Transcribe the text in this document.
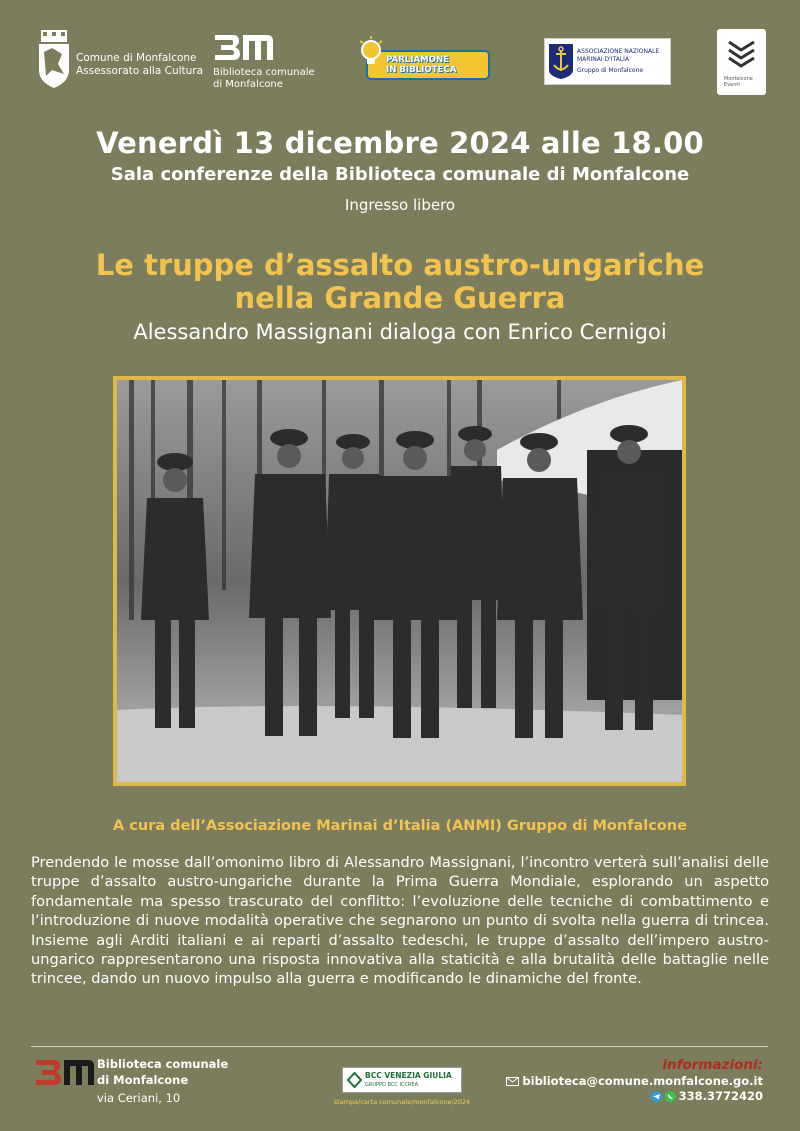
Comune di Monfalcone
Assessorato alla Cultura Biblioteca comunale
di Monfalcone
PARLIAMONE
IN BIBLIOTECA
ASSOCIAZIONE NAZIONALE
MARINAI D'ITALIA
Gruppo di Monfalcone
Monfalcone Eventi
Venerdì 13 dicembre 2024 alle 18.00
Sala conferenze della Biblioteca comunale di Monfalcone
Ingresso libero
Le truppe d’assalto austro-ungariche
nella Grande Guerra
Alessandro Massignani dialoga con Enrico Cernigoi
A cura dell’Associazione Marinai d’Italia (ANMI) Gruppo di Monfalcone
Prendendo le mosse dall’omonimo libro di Alessandro Massignani, l’incontro verterà sull’analisi delle truppe d’assalto austro-ungariche durante la Prima Guerra Mondiale, esplorando un aspetto fondamentale ma spesso trascurato del conflitto: l’evoluzione delle tecniche di combattimento e l’introduzione di nuove modalità operative che segnarono un punto di svolta nella guerra di trincea. Insieme agli Arditi italiani e ai reparti d’assalto tedeschi, le truppe d’assalto dell’impero austro-ungarico rappresentarono una risposta innovativa alla staticità e alla brutalità delle battaglie nelle trincee, dando un nuovo impulso alla guerra e modificando le dinamiche del fronte.
Biblioteca comunale
di Monfalcone
via Ceriani, 10
BCC VENEZIA GIULIA
GRUPPO BCC ICCREA
stampa/carta comunale/monfalcone/2024
informazioni:
biblioteca@comune.monfalcone.go.it
338.3772420
